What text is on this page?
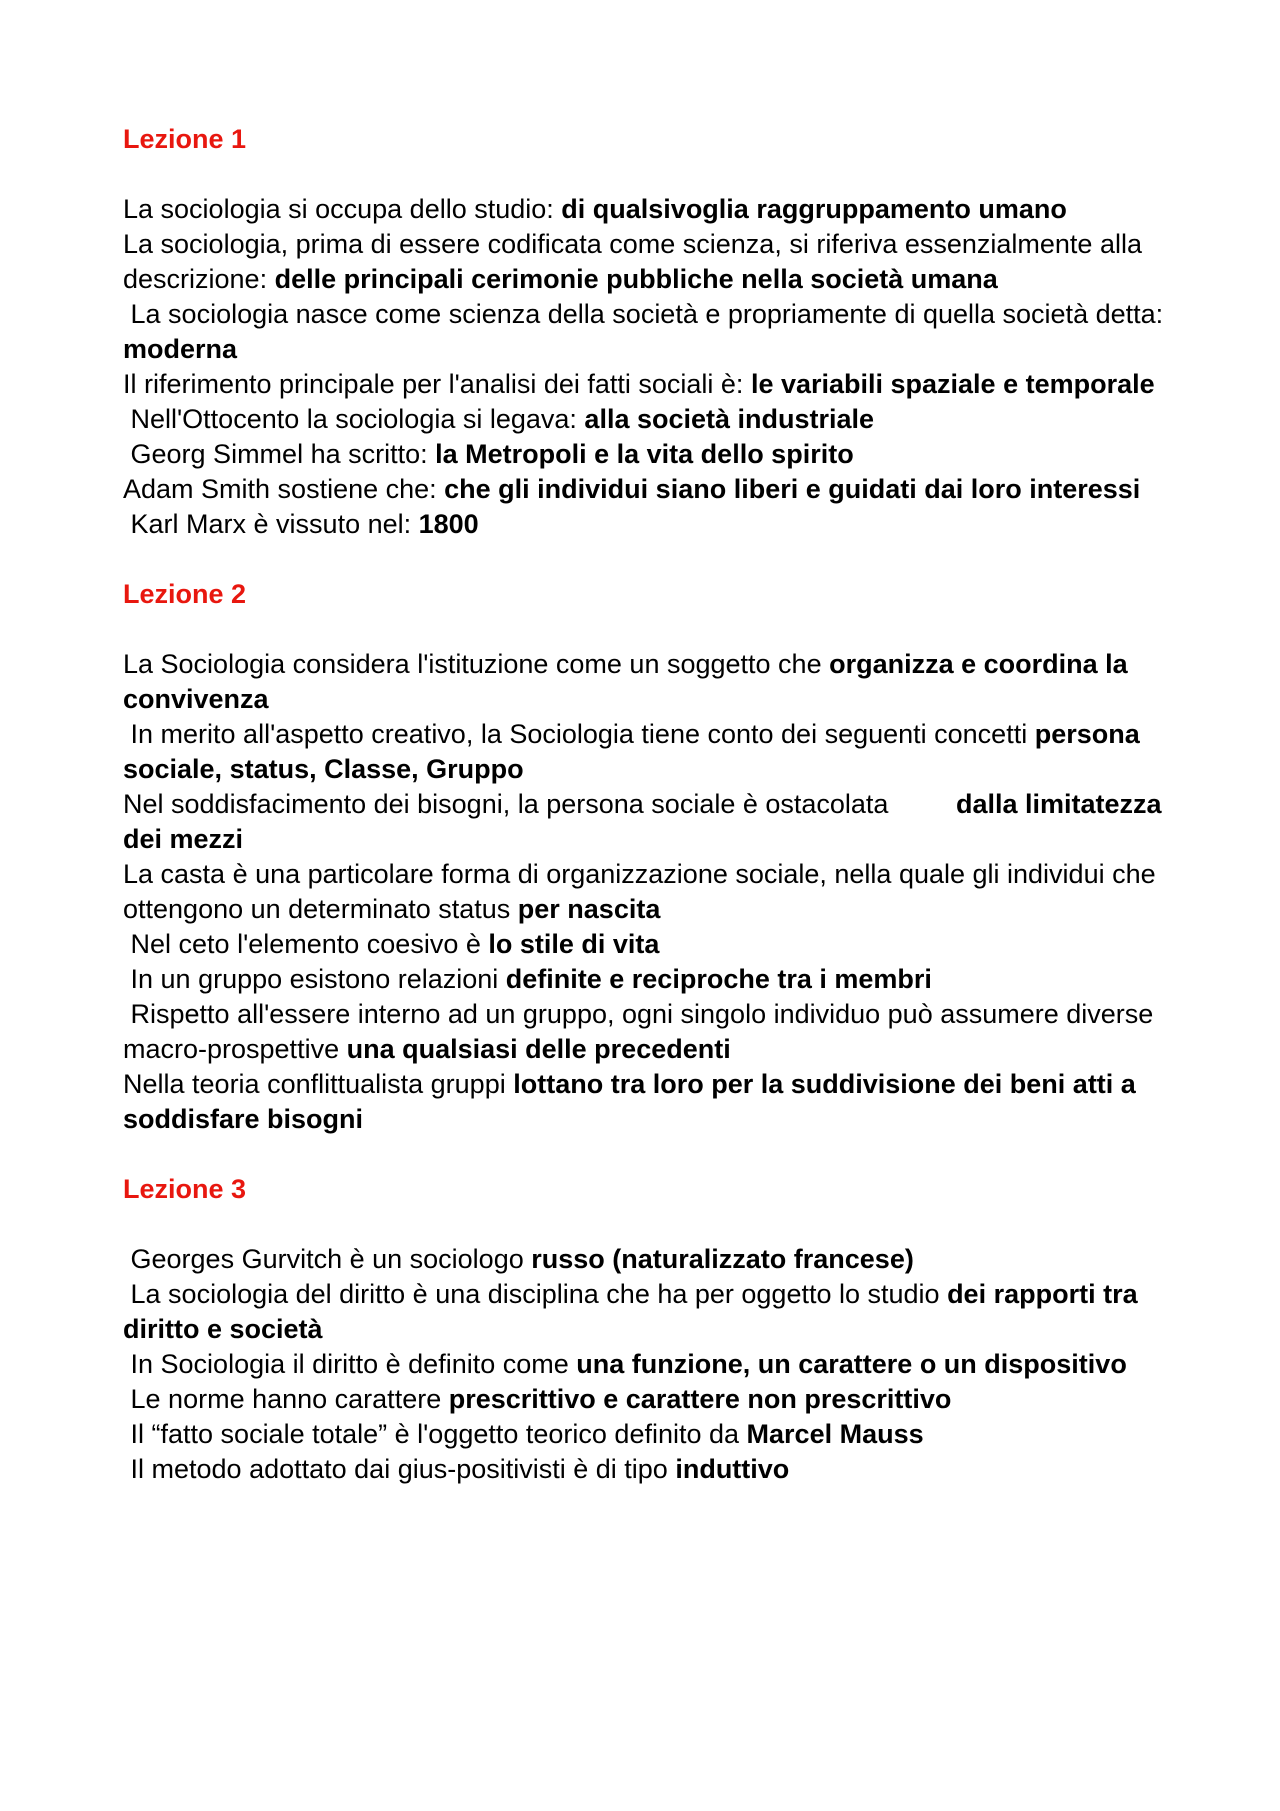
Lezione 1

La sociologia si occupa dello studio: di qualsivoglia raggruppamento umano

La sociologia, prima di essere codificata come scienza, si riferiva essenzialmente alla descrizione: delle principali cerimonie pubbliche nella società umana

La sociologia nasce come scienza della società e propriamente di quella società detta: moderna

Il riferimento principale per l'analisi dei fatti sociali è: le variabili spaziale e temporale

Nell'Ottocento la sociologia si legava: alla società industriale

Georg Simmel ha scritto: la Metropoli e la vita dello spirito

Adam Smith sostiene che: che gli individui siano liberi e guidati dai loro interessi

Karl Marx è vissuto nel: 1800

Lezione 2

La Sociologia considera l'istituzione come un soggetto che organizza e coordina la convivenza

In merito all'aspetto creativo, la Sociologia tiene conto dei seguenti concetti persona sociale, status, Classe, Gruppo

Nel soddisfacimento dei bisogni, la persona sociale è ostacolata         dalla limitatezza dei mezzi

La casta è una particolare forma di organizzazione sociale, nella quale gli individui che ottengono un determinato status per nascita

Nel ceto l'elemento coesivo è lo stile di vita

In un gruppo esistono relazioni definite e reciproche tra i membri

Rispetto all'essere interno ad un gruppo, ogni singolo individuo può assumere diverse macro-prospettive una qualsiasi delle precedenti

Nella teoria conflittualista gruppi lottano tra loro per la suddivisione dei beni atti a soddisfare bisogni

Lezione 3

Georges Gurvitch è un sociologo russo (naturalizzato francese)

La sociologia del diritto è una disciplina che ha per oggetto lo studio dei rapporti tra diritto e società

In Sociologia il diritto è definito come una funzione, un carattere o un dispositivo

Le norme hanno carattere prescrittivo e carattere non prescrittivo

Il “fatto sociale totale” è l'oggetto teorico definito da Marcel Mauss

Il metodo adottato dai gius-positivisti è di tipo induttivo
